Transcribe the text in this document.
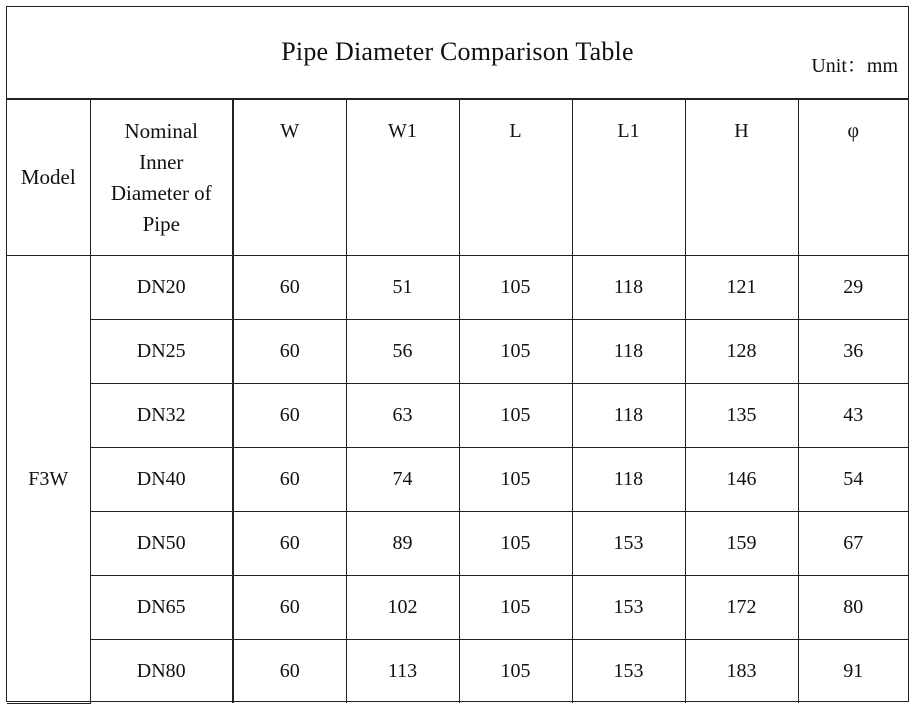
Pipe Diameter Comparison Table	Unit：mm
Model	Nominal
Inner
Diameter of
Pipe	W	W1	L	L1	H	φ
F3W	DN20	60	51	105	118	121	29
	DN25	60	56	105	118	128	36
	DN32	60	63	105	118	135	43
	DN40	60	74	105	118	146	54
	DN50	60	89	105	153	159	67
	DN65	60	102	105	153	172	80
	DN80	60	113	105	153	183	91
